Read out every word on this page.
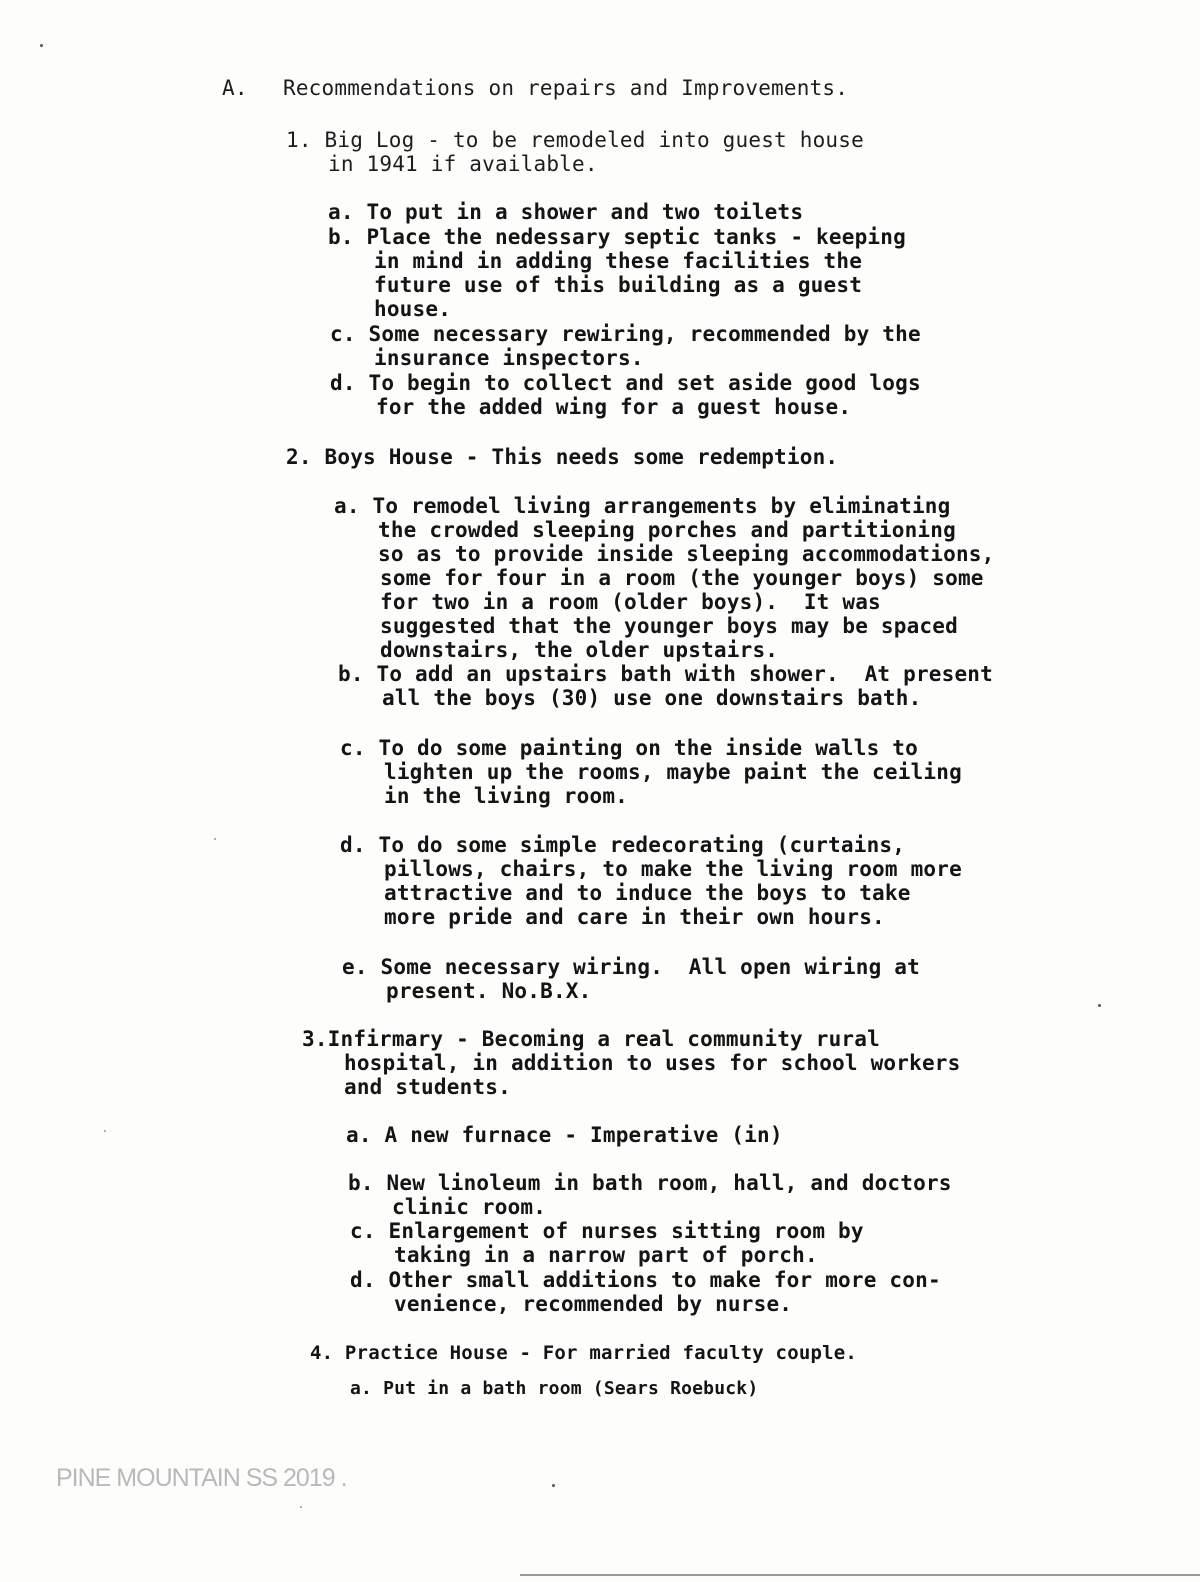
A. Recommendations on repairs and Improvements.
1. Big Log - to be remodeled into guest house
in 1941 if available.
a. To put in a shower and two toilets
b. Place the nedessary septic tanks - keeping
in mind in adding these facilities the
future use of this building as a guest
house.
c. Some necessary rewiring, recommended by the
insurance inspectors.
d. To begin to collect and set aside good logs
for the added wing for a guest house.
2. Boys House - This needs some redemption.
a. To remodel living arrangements by eliminating
the crowded sleeping porches and partitioning
so as to provide inside sleeping accommodations,
some for four in a room (the younger boys) some
for two in a room (older boys).  It was
suggested that the younger boys may be spaced
downstairs, the older upstairs.
b. To add an upstairs bath with shower.  At present
all the boys (30) use one downstairs bath.
c. To do some painting on the inside walls to
lighten up the rooms, maybe paint the ceiling
in the living room.
d. To do some simple redecorating (curtains,
pillows, chairs, to make the living room more
attractive and to induce the boys to take
more pride and care in their own hours.
e. Some necessary wiring.  All open wiring at
present. No.B.X.
3.Infirmary - Becoming a real community rural
hospital, in addition to uses for school workers
and students.
a. A new furnace - Imperative (in)
b. New linoleum in bath room, hall, and doctors
clinic room.
c. Enlargement of nurses sitting room by
taking in a narrow part of porch.
d. Other small additions to make for more con-
venience, recommended by nurse.
4. Practice House - For married faculty couple.
a. Put in a bath room (Sears Roebuck)
PINE MOUNTAIN SS 2019 .
